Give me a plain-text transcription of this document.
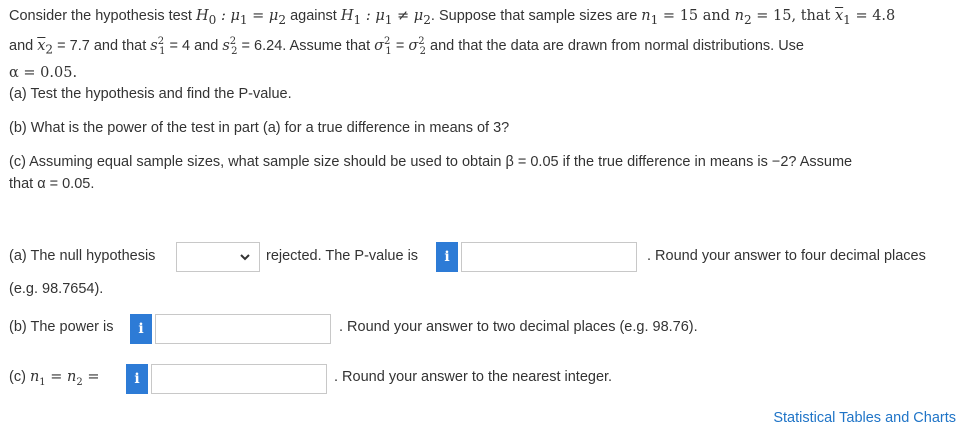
Consider the hypothesis test $H_0$ : $\mu_1 = \mu_2$ against $H_1$ : $\mu_1 \ne \mu_2$. Suppose that sample sizes are $n_1 = 15$ and $n_2 = 15$, that $\overline{x}_1 = 4.8$

and $\overline{x}_2 = 7.7$ and that $s^2_1 = 4$ and $s^2_2 = 6.24$. Assume that $\sigma^2_1 = \sigma^2_2$ and that the data are drawn from normal distributions. Use

α = 0.05.

(a) Test the hypothesis and find the P-value.
(b) What is the power of the test in part (a) for a true difference in means of 3?
(c) Assuming equal sample sizes, what sample size should be used to obtain β = 0.05 if the true difference in means is −2? Assume
that α = 0.05.
(a) The null hypothesis	rejected. The P-value is	i	. Round your answer to four decimal places
(e.g. 98.7654).
(b) The power is	i	. Round your answer to two decimal places (e.g. 98.76).
(c) $n_1 = n_2$ =	i	. Round your answer to the nearest integer.
Statistical Tables and Charts
